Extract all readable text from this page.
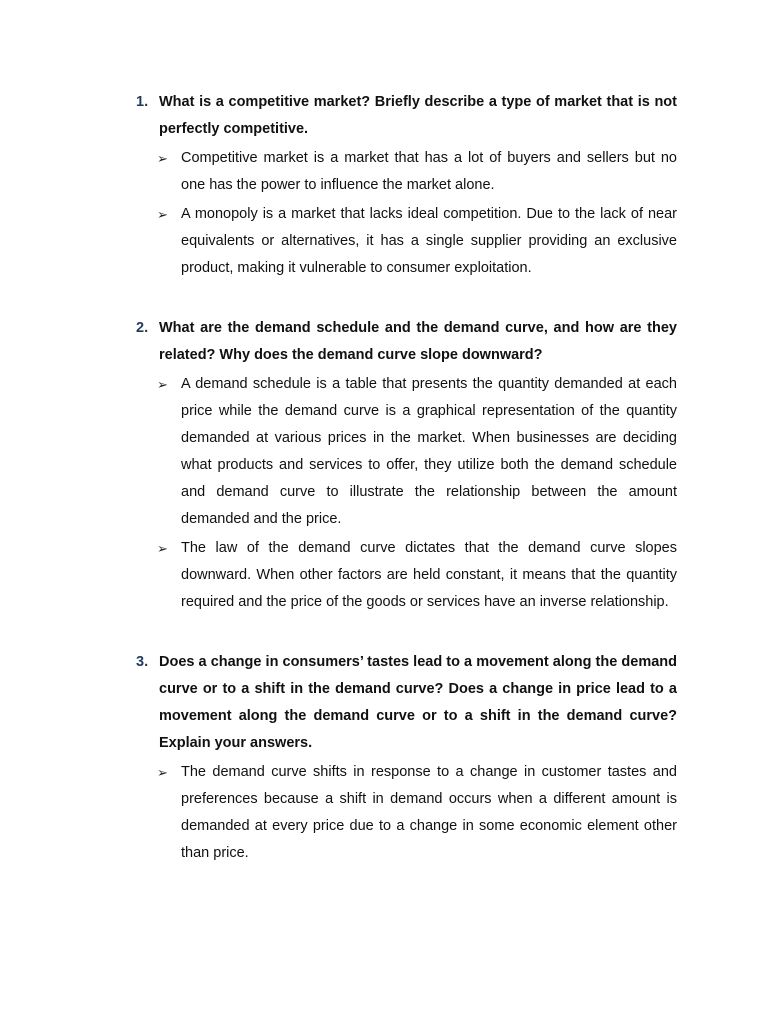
1. What is a competitive market? Briefly describe a type of market that is not perfectly competitive.

➢ Competitive market is a market that has a lot of buyers and sellers but no one has the power to influence the market alone.

➢ A monopoly is a market that lacks ideal competition. Due to the lack of near equivalents or alternatives, it has a single supplier providing an exclusive product, making it vulnerable to consumer exploitation.

2. What are the demand schedule and the demand curve, and how are they related? Why does the demand curve slope downward?

➢ A demand schedule is a table that presents the quantity demanded at each price while the demand curve is a graphical representation of the quantity demanded at various prices in the market. When businesses are deciding what products and services to offer, they utilize both the demand schedule and demand curve to illustrate the relationship between the amount demanded and the price.

➢ The law of the demand curve dictates that the demand curve slopes downward. When other factors are held constant, it means that the quantity required and the price of the goods or services have an inverse relationship.

3. Does a change in consumers’ tastes lead to a movement along the demand curve or to a shift in the demand curve? Does a change in price lead to a movement along the demand curve or to a shift in the demand curve? Explain your answers.

➢ The demand curve shifts in response to a change in customer tastes and preferences because a shift in demand occurs when a different amount is demanded at every price due to a change in some economic element other than price.
